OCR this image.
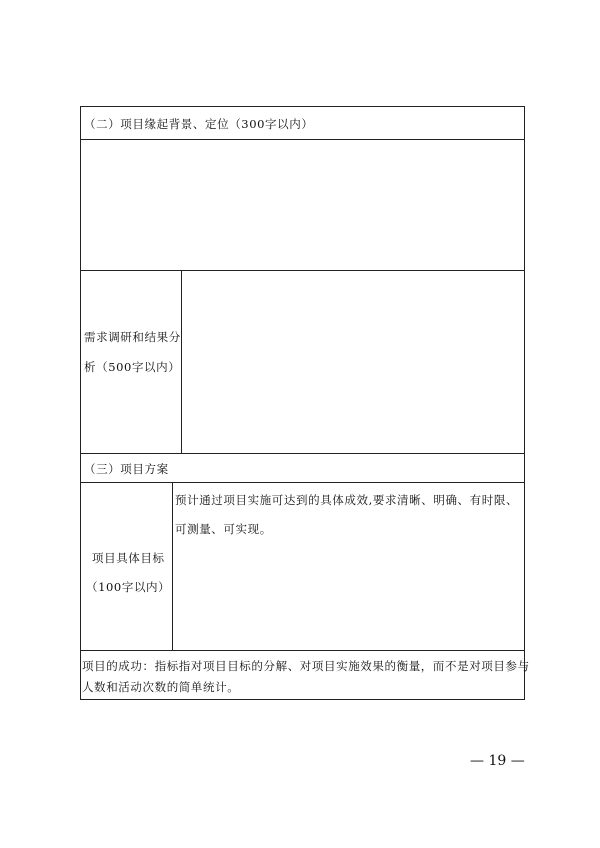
（二）项目缘起背景、定位（300字以内）
需求调研和结果分
析（500字以内）
（三）项目方案
项目具体目标
（100字以内）
预计通过项目实施可达到的具体成效,要求清晰、明确、有时限、
可测量、可实现。
项目的成功：指标指对项目目标的分解、对项目实施效果的衡量，而不是对项目参与
人数和活动次数的简单统计。
— 19 —
